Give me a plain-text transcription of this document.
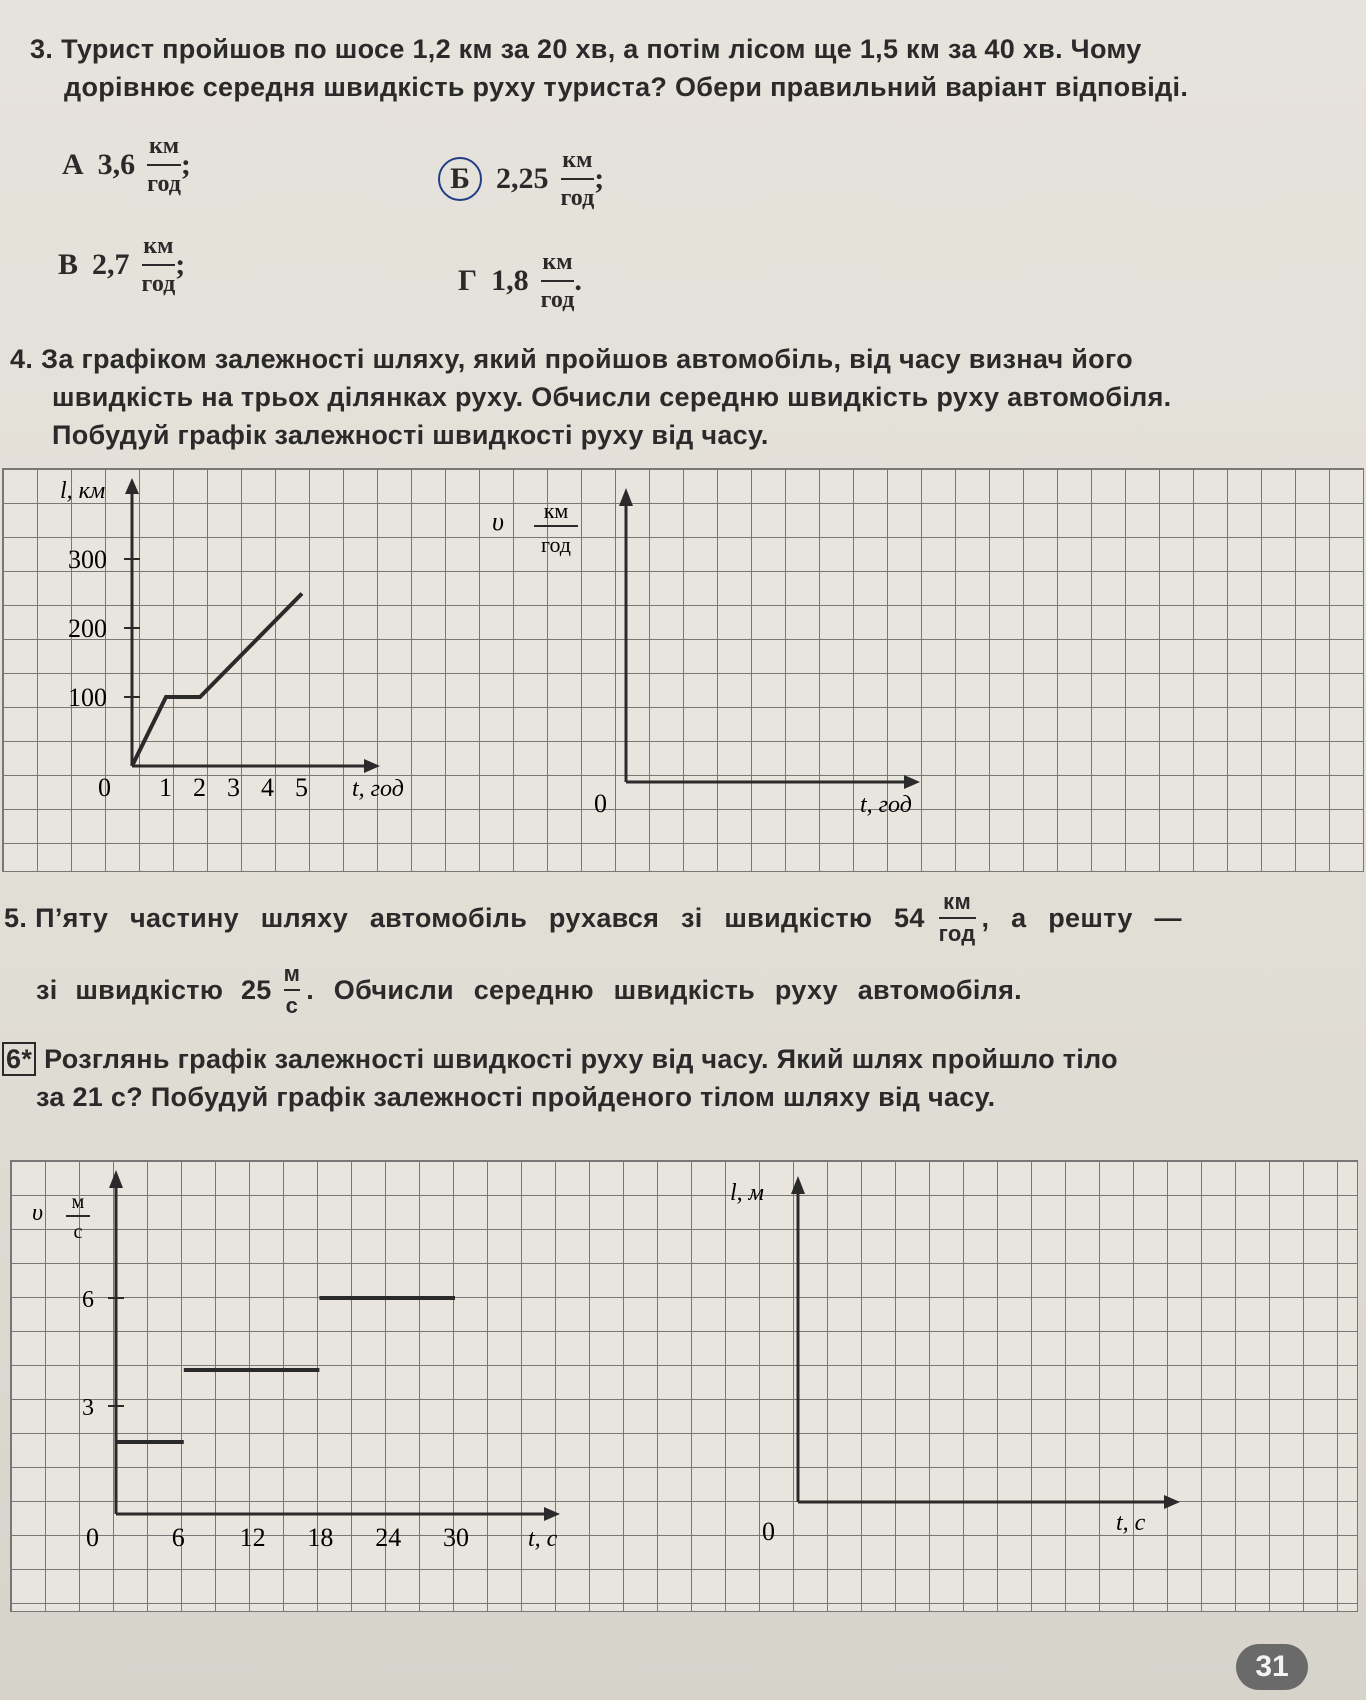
3. Турист пройшов по шосе 1,2 км за 20 хв, а потім лісом ще 1,5 км за 40 хв. Чому
дорівнює середня швидкість руху туриста? Обери правильний варіант відповіді.
А $3,6 \frac{км}{\text{год}}$ ;	Б $2,25 \frac{км}{\text{год}}$ ;
В $2,7 \frac{км}{\text{год}}$ ;	Г $1,8 \frac{км}{\text{год}}$ .
4. За графіком залежності шляху, який пройшов автомобіль, від часу визнач його
швидкість на трьох ділянках руху. Обчисли середню швидкість руху автомобіля.
Побудуй графік залежності швидкості руху від часу.
l, км
t, год
0 1 2 3 4 5
100
200
300
υ км
год
0	t, год
5. П’яту частину шляху автомобіль рухався зі швидкістю $54 \frac{км}{\text{год}}$ , а решту —
зі швидкістю $25 \frac{м}{с}$ . Обчисли середню швидкість руху автомобіля.
6* Розглянь графік залежності швидкості руху від часу. Який шлях пройшло тіло
за 21 с? Побудуй графік залежності пройденого тілом шляху від часу.
υ м
с
t, с
0	6 12 18 24 30
3
6
l, м
0	t, с
31
